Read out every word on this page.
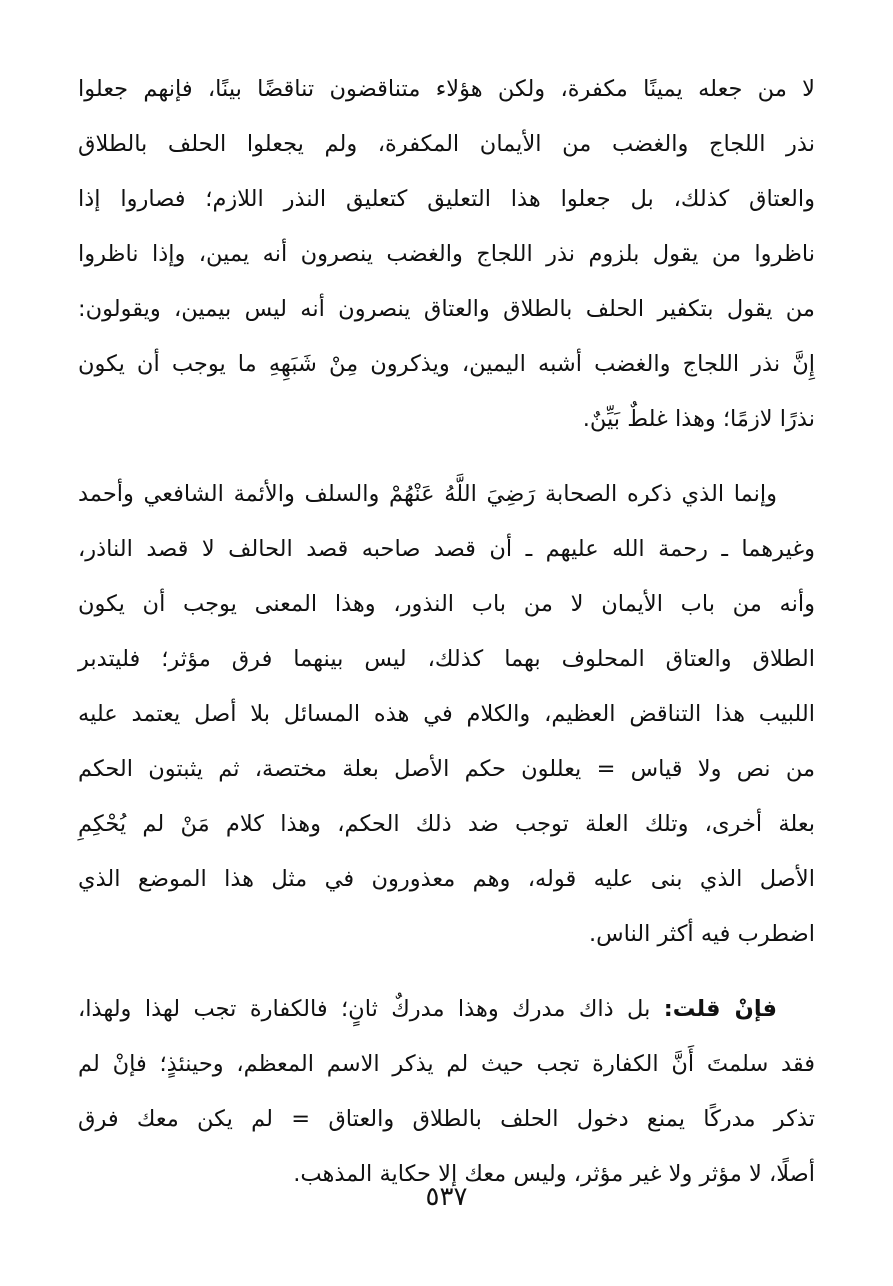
لا من جعله يمينًا مكفرة، ولكن هؤلاء متناقضون تناقضًا بينًا، فإنهم جعلوا
نذر اللجاج والغضب من الأيمان المكفرة، ولم يجعلوا الحلف بالطلاق
والعتاق كذلك، بل جعلوا هذا التعليق كتعليق النذر اللازم؛ فصاروا إذا
ناظروا من يقول بلزوم نذر اللجاج والغضب ينصرون أنه يمين، وإذا ناظروا
من يقول بتكفير الحلف بالطلاق والعتاق ينصرون أنه ليس بيمين، ويقولون:
إِنَّ نذر اللجاج والغضب أشبه اليمين، ويذكرون مِنْ شَبَهِهِ ما يوجب أن يكون
نذرًا لازمًا؛ وهذا غلطٌ بَيِّنٌ.
وإنما الذي ذكره الصحابة رَضِيَ اللَّهُ عَنْهُمْ والسلف والأئمة الشافعي وأحمد
وغيرهما ـ رحمة الله عليهم ـ أن قصد صاحبه قصد الحالف لا قصد الناذر،
وأنه من باب الأيمان لا من باب النذور، وهذا المعنى يوجب أن يكون
الطلاق والعتاق المحلوف بهما كذلك، ليس بينهما فرق مؤثر؛ فليتدبر
اللبيب هذا التناقض العظيم، والكلام في هذه المسائل بلا أصل يعتمد عليه
من نص ولا قياس = يعللون حكم الأصل بعلة مختصة، ثم يثبتون الحكم
بعلة أخرى، وتلك العلة توجب ضد ذلك الحكم، وهذا كلام مَنْ لم يُحْكِمِ
الأصل الذي بنى عليه قوله، وهم معذورون في مثل هذا الموضع الذي
اضطرب فيه أكثر الناس.
فإنْ قلت: بل ذاك مدرك وهذا مدركٌ ثانٍ؛ فالكفارة تجب لهذا ولهذا،
فقد سلمتَ أَنَّ الكفارة تجب حيث لم يذكر الاسم المعظم، وحينئذٍ؛ فإنْ لم
تذكر مدركًا يمنع دخول الحلف بالطلاق والعتاق = لم يكن معك فرق
أصلًا، لا مؤثر ولا غير مؤثر، وليس معك إلا حكاية المذهب.
٥٣٧
